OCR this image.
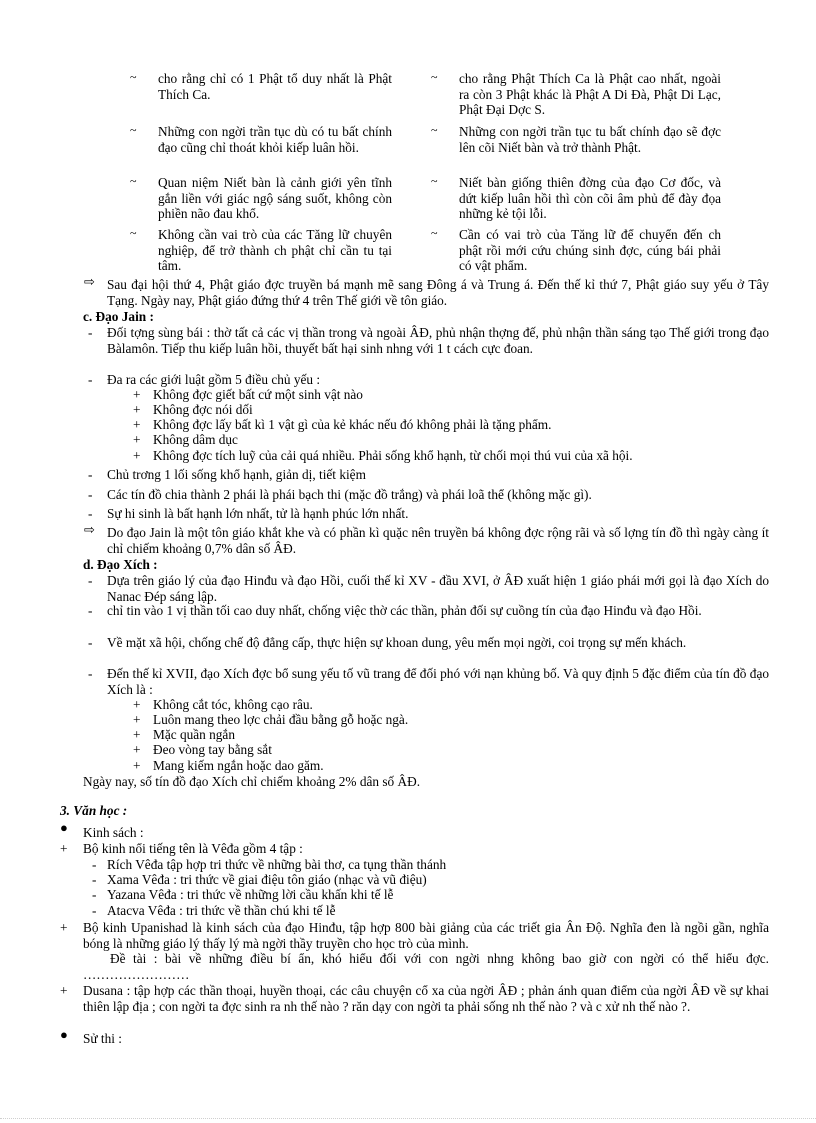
~ cho rằng chỉ có 1 Phật tổ duy nhất là Phật Thích Ca.
~ cho rằng Phật Thích Ca là Phật cao nhất, ngoài ra còn 3 Phật khác là Phật A Di Đà, Phật Di Lạc, Phật Đại Dợc S.
~ Những con ngời trần tục dù có tu bất chính đạo cũng chỉ thoát khỏi kiếp luân hồi.
~ Những con ngời trần tục tu bất chính đạo sẽ đợc lên cõi Niết bàn và trở thành Phật.
~ Quan niệm Niết bàn là cảnh giới yên tĩnh gắn liền với giác ngộ sáng suốt, không còn phiền não đau khổ.
~ Niết bàn giống thiên đờng của đạo Cơ đốc, và dứt kiếp luân hồi thì còn cõi âm phủ để đày đọa những kẻ tội lỗi.
~ Không cần vai trò của các Tăng lữ chuyên nghiệp, để trở thành ch phật chỉ cần tu tại tâm.
~ Cần có vai trò của Tăng lữ để chuyển đến ch phật rồi mới cứu chúng sinh đợc, cúng bái phải có vật phẩm.
⇨ Sau đại hội thứ 4, Phật giáo đợc truyền bá mạnh mẽ sang Đông á và Trung á. Đến thế kỉ thứ 7, Phật giáo suy yếu ở Tây Tạng. Ngày nay, Phật giáo đứng thứ 4 trên Thế giới về tôn giáo.
c. Đạo Jain :
- Đối tợng sùng bái : thờ tất cả các vị thần trong và ngoài ÂĐ, phủ nhận thợng đế, phủ nhận thần sáng tạo Thế giới trong đạo Bàlamôn. Tiếp thu kiếp luân hồi, thuyết bất hại sinh nhng với 1 t cách cực đoan.
- Đa ra các giới luật gồm 5 điều chủ yếu :
+ Không đợc giết bất cứ một sinh vật nào
+ Không đợc nói dối
+ Không đợc lấy bất kì 1 vật gì của kẻ khác nếu đó không phải là tặng phẩm.
+ Không dâm dục
+ Không đợc tích luỹ của cải quá nhiều. Phải sống khổ hạnh, từ chối mọi thú vui của xã hội.
- Chủ trơng 1 lối sống khổ hạnh, giản dị, tiết kiệm
- Các tín đồ chia thành 2 phái là phái bạch thi (mặc đồ trắng) và phái loã thể (không mặc gì).
- Sự hi sinh là bất hạnh lớn nhất, tử là hạnh phúc lớn nhất.
⇨ Do đạo Jain là một tôn giáo khắt khe và có phần kì quặc nên truyền bá không đợc rộng rãi và số lợng tín đồ thì ngày càng ít chỉ chiếm khoảng 0,7% dân số ÂĐ.
d. Đạo Xích :
- Dựa trên giáo lý của đạo Hinđu và đạo Hồi, cuối thế kỉ XV - đầu XVI, ở ÂĐ xuất hiện 1 giáo phái mới gọi là đạo Xích do Nanac Đép sáng lập.
- chỉ tin vào 1 vị thần tối cao duy nhất, chống việc thờ các thần, phản đối sự cuồng tín của đạo Hinđu và đạo Hồi.
- Về mặt xã hội, chống chế độ đẳng cấp, thực hiện sự khoan dung, yêu mến mọi ngời, coi trọng sự mến khách.
- Đến thế kỉ XVII, đạo Xích đợc bổ sung yếu tố vũ trang để đối phó với nạn khủng bố. Và quy định 5 đặc điểm của tín đồ đạo Xích là :
+ Không cắt tóc, không cạo râu.
+ Luôn mang theo lợc chải đầu bằng gỗ hoặc ngà.
+ Mặc quần ngắn
+ Đeo vòng tay bằng sắt
+ Mang kiếm ngắn hoặc dao găm.
Ngày nay, số tín đồ đạo Xích chỉ chiếm khoảng 2% dân số ÂĐ.
3. Văn học :
● Kinh sách :
+ Bộ kinh nổi tiếng tên là Vêđa gồm 4 tập :
- Rích Vêđa tập hợp tri thức về những bài thơ, ca tụng thần thánh
- Xama Vêđa : tri thức về giai điệu tôn giáo (nhạc và vũ điệu)
- Yazana Vêđa : tri thức về những lời cầu khấn khi tế lễ
- Atacva Vêđa : tri thức về thần chú khi tế lễ
+ Bộ kinh Upanishad là kinh sách của đạo Hinđu, tập hợp 800 bài giảng của các triết gia Ân Độ. Nghĩa đen là ngồi gần, nghĩa bóng là những giáo lý thấy lý mà ngời thầy truyền cho học trò của mình.
Đề tài : bài về những điều bí ẩn, khó hiểu đối với con ngời nhng không bao giờ con ngời có thể hiểu đợc. ……………………
+ Dusana : tập hợp các thần thoại, huyền thoại, các câu chuyện cổ xa của ngời ÂĐ ; phản ánh quan điểm của ngời ÂĐ về sự khai thiên lập địa ; con ngời ta đợc sinh ra nh thế nào ? răn dạy con ngời ta phải sống nh thế nào ? và c xử nh thế nào ?.
● Sử thi :
